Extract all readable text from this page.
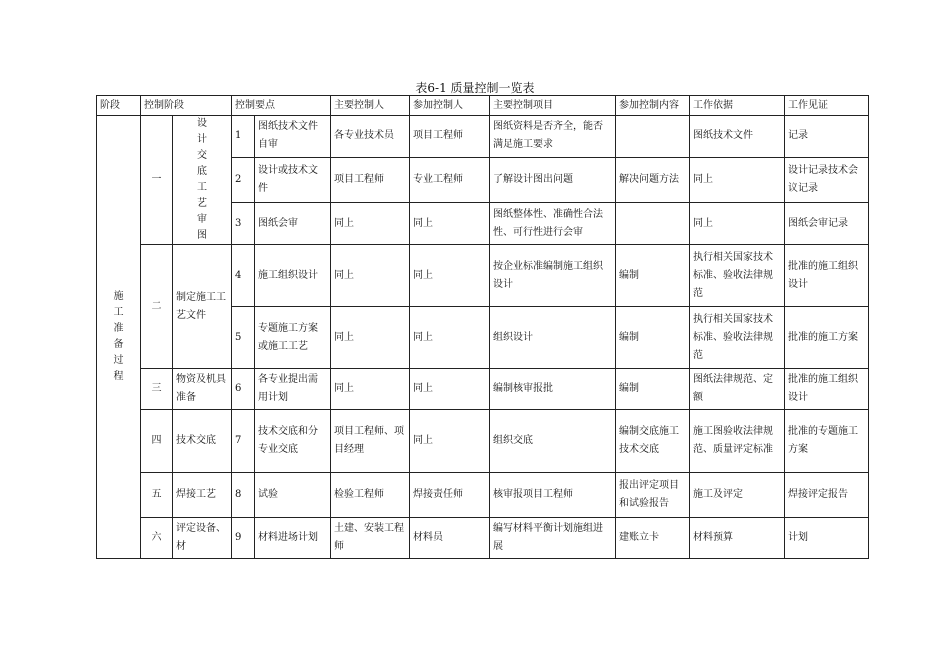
表6-1 质量控制一览表
阶段	控制阶段		控制要点		主要控制人	参加控制人	主要控制项目	参加控制内容	工作依据	工作见证
施工准备过程	一	设计交底工艺审图	1	图纸技术文件自审	各专业技术员	项目工程师	图纸资料是否齐全，能否满足施工要求		图纸技术文件	记录
			2	设计或技术文件	项目工程师	专业工程师	了解设计图出问题	解决问题方法	同上	设计记录技术会议记录
			3	图纸会审	同上	同上	图纸整体性、准确性合法性、可行性进行会审		同上	图纸会审记录
	二	制定施工工艺文件	4	施工组织设计	同上	同上	按企业标准编制施工组织设计	编制	执行相关国家技术标准、验收法律规范	批准的施工组织设计
			5	专题施工方案或施工工艺	同上	同上	组织设计	编制	执行相关国家技术标准、验收法律规范	批准的施工方案
	三	物资及机具准备	6	各专业提出需用计划	同上	同上	编制核审报批	编制	图纸法律规范、定额	批准的施工组织设计
	四	技术交底	7	技术交底和分专业交底	项目工程师、项目经理	同上	组织交底	编制交底施工技术交底	施工图验收法律规范、质量评定标准	批准的专题施工方案
	五	焊接工艺	8	试验	检验工程师	焊接责任师	核审报项目工程师	报出评定项目和试验报告	施工及评定	焊接评定报告
	六	评定设备、材	9	材料进场计划	土建、安装工程师	材料员	编写材料平衡计划施组进展	建账立卡	材料预算	计划
